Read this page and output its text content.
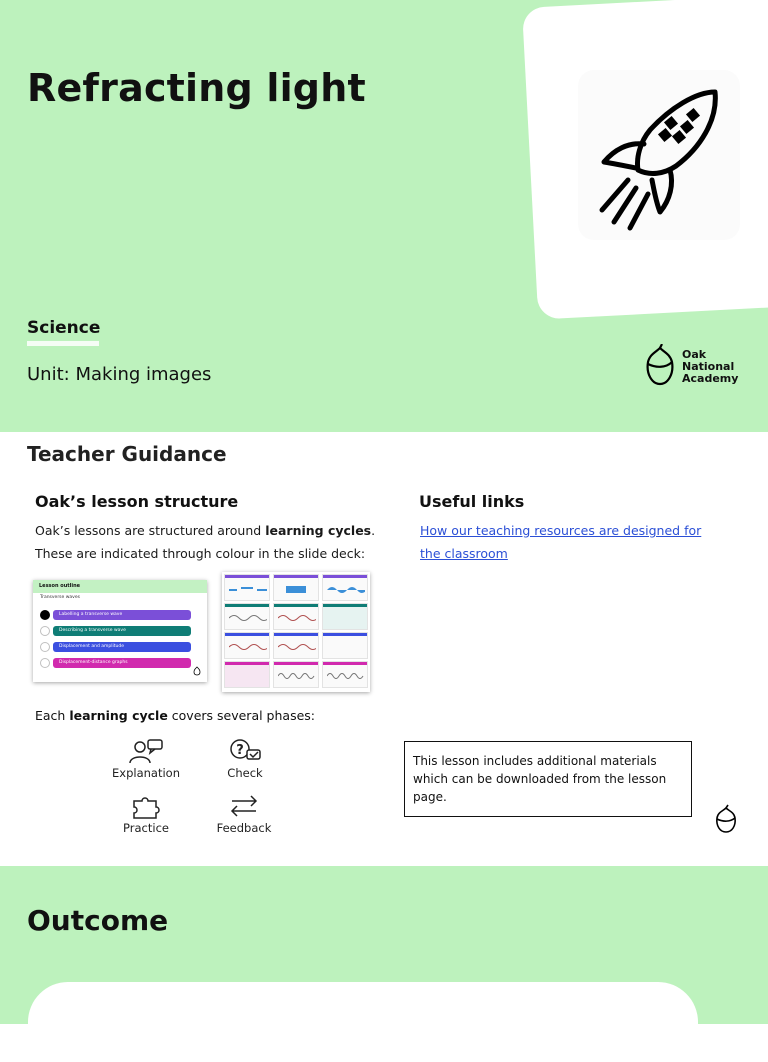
Refracting light
Science
Unit: Making images
Oak
National
Academy
Teacher Guidance
Oak’s lesson structure
Oak’s lessons are structured around learning cycles.
These are indicated through colour in the slide deck:
Useful links
How our teaching resources are designed for the classroom
Lesson outline
Transverse waves
Labelling a transverse wave
Describing a transverse wave
Displacement and amplitude
Displacement-distance graphs
Each learning cycle covers several phases:
Explanation
?
Check
Practice	Feedback
This lesson includes additional materials which can be downloaded from the lesson page.
Outcome
